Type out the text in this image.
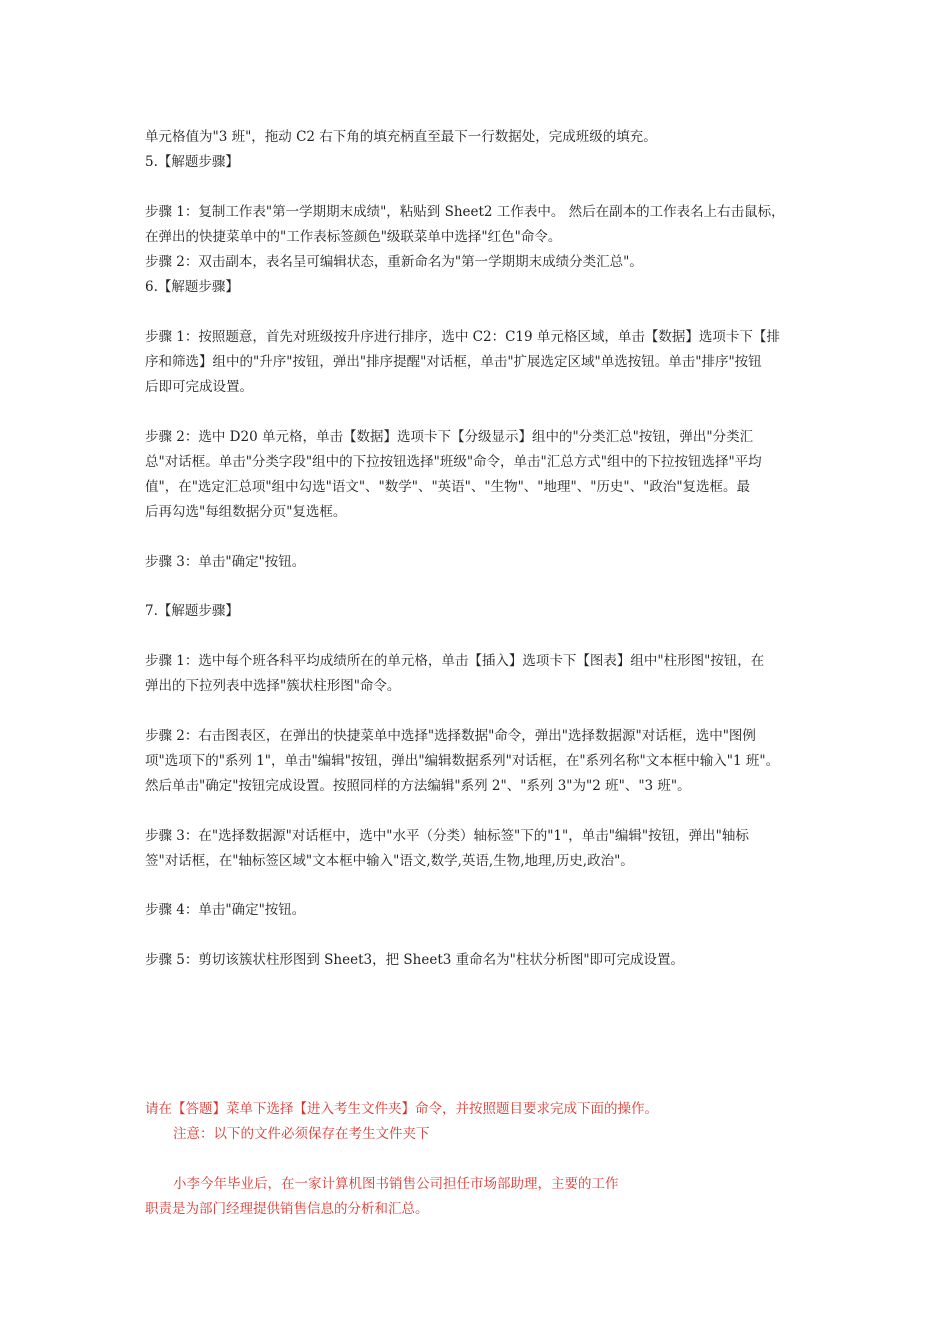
单元格值为"3 班"，拖动 C2 右下角的填充柄直至最下一行数据处，完成班级的填充。
5.【解题步骤】
步骤 1：复制工作表"第一学期期末成绩"，粘贴到 Sheet2 工作表中。 然后在副本的工作表名上右击鼠标，
在弹出的快捷菜单中的"工作表标签颜色"级联菜单中选择"红色"命令。
步骤 2：双击副本，表名呈可编辑状态，重新命名为"第一学期期末成绩分类汇总"。
6.【解题步骤】
步骤 1：按照题意，首先对班级按升序进行排序，选中 C2：C19 单元格区域，单击【数据】选项卡下【排
序和筛选】组中的"升序"按钮，弹出"排序提醒"对话框，单击"扩展选定区域"单选按钮。单击"排序"按钮
后即可完成设置。
步骤 2：选中 D20 单元格，单击【数据】选项卡下【分级显示】组中的"分类汇总"按钮，弹出"分类汇
总"对话框。单击"分类字段"组中的下拉按钮选择"班级"命令，单击"汇总方式"组中的下拉按钮选择"平均
值"，在"选定汇总项"组中勾选"语文"、"数学"、"英语"、"生物"、"地理"、"历史"、"政治"复选框。最
后再勾选"每组数据分页"复选框。
步骤 3：单击"确定"按钮。
7.【解题步骤】
步骤 1：选中每个班各科平均成绩所在的单元格，单击【插入】选项卡下【图表】组中"柱形图"按钮，在
弹出的下拉列表中选择"簇状柱形图"命令。
步骤 2：右击图表区，在弹出的快捷菜单中选择"选择数据"命令，弹出"选择数据源"对话框，选中"图例
项"选项下的"系列 1"，单击"编辑"按钮，弹出"编辑数据系列"对话框，在"系列名称"文本框中输入"1 班"。
然后单击"确定"按钮完成设置。按照同样的方法编辑"系列 2"、"系列 3"为"2 班"、"3 班"。
步骤 3：在"选择数据源"对话框中，选中"水平（分类）轴标签"下的"1"，单击"编辑"按钮，弹出"轴标
签"对话框，在"轴标签区域"文本框中输入"语文,数学,英语,生物,地理,历史,政治"。
步骤 4：单击"确定"按钮。
步骤 5：剪切该簇状柱形图到 Sheet3，把 Sheet3 重命名为"柱状分析图"即可完成设置。
请在【答题】菜单下选择【进入考生文件夹】命令，并按照题目要求完成下面的操作。
注意：以下的文件必须保存在考生文件夹下
小李今年毕业后，在一家计算机图书销售公司担任市场部助理，主要的工作
职责是为部门经理提供销售信息的分析和汇总。
